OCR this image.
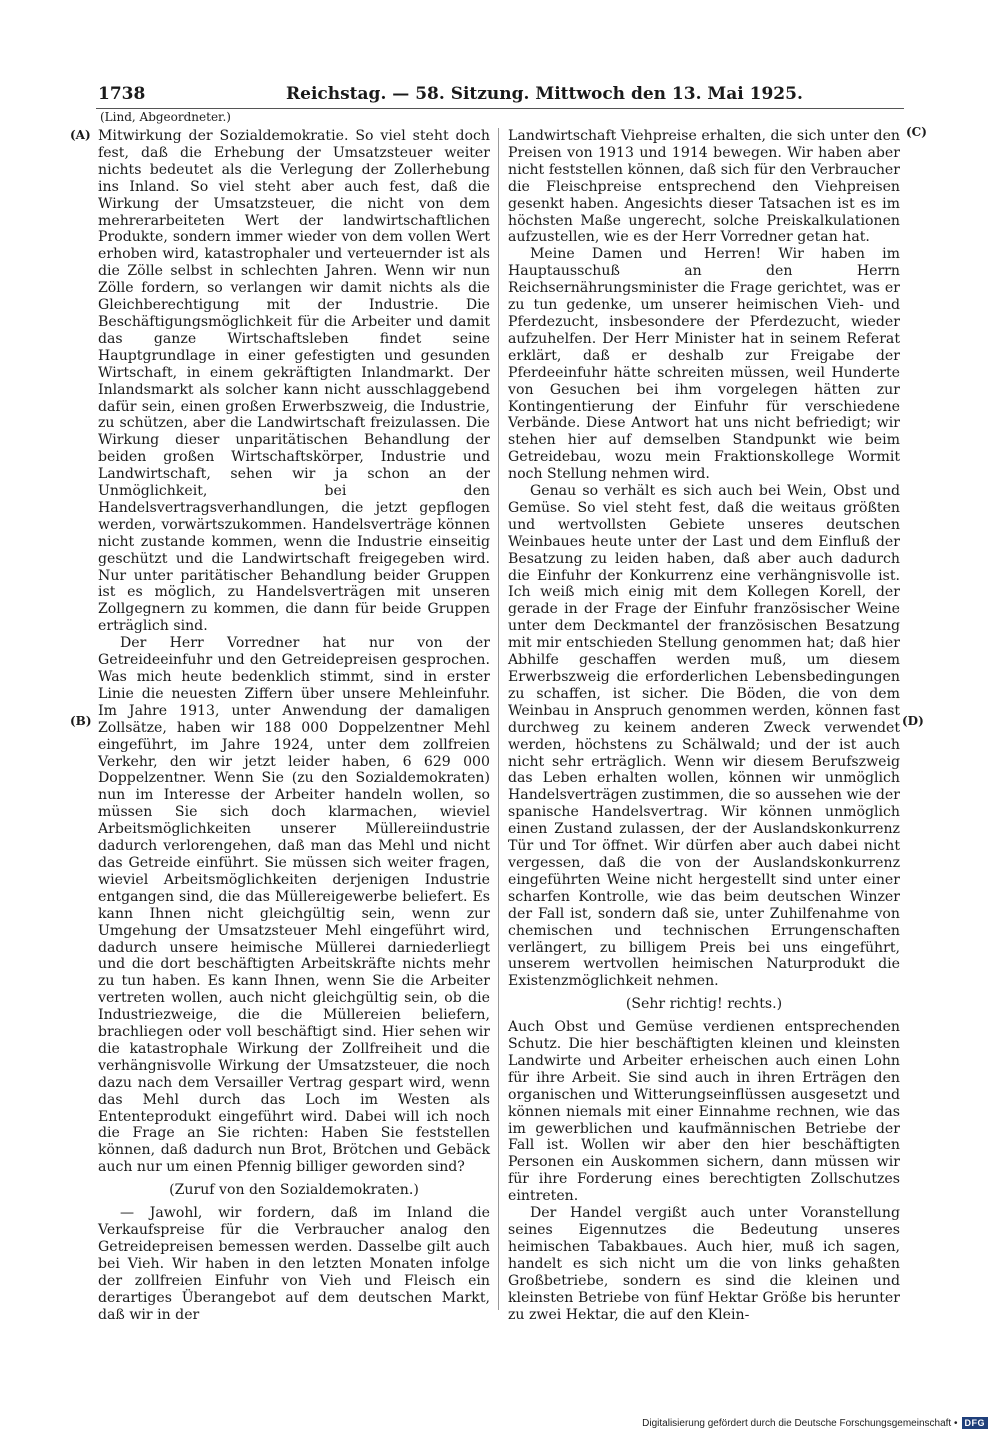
1738	Reichstag. — 58. Sitzung. Mittwoch den 13. Mai 1925.
(Lind, Abgeordneter.)
(A)
(B)
(C)
(D)

Mitwirkung der Sozialdemokratie. So viel steht doch fest, daß die Erhebung der Umsatzsteuer weiter nichts bedeutet als die Verlegung der Zollerhebung ins Inland. So viel steht aber auch fest, daß die Wirkung der Umsatzsteuer, die nicht von dem mehrerarbeiteten Wert der landwirtschaftlichen Produkte, sondern immer wieder von dem vollen Wert erhoben wird, katastrophaler und verteuernder ist als die Zölle selbst in schlechten Jahren. Wenn wir nun Zölle fordern, so verlangen wir damit nichts als die Gleichberechtigung mit der Industrie. Die Beschäftigungsmöglichkeit für die Arbeiter und damit das ganze Wirtschaftsleben findet seine Hauptgrundlage in einer gefestigten und gesunden Wirtschaft, in einem gekräftigten Inlandmarkt. Der Inlandsmarkt als solcher kann nicht ausschlaggebend dafür sein, einen großen Erwerbszweig, die Industrie, zu schützen, aber die Landwirtschaft freizulassen. Die Wirkung dieser unparitätischen Behandlung der beiden großen Wirtschaftskörper, Industrie und Landwirtschaft, sehen wir ja schon an der Unmöglichkeit, bei den Handelsvertragsverhandlungen, die jetzt gepflogen werden, vorwärtszukommen. Handelsverträge können nicht zustande kommen, wenn die Industrie einseitig geschützt und die Landwirtschaft freigegeben wird. Nur unter paritätischer Behandlung beider Gruppen ist es möglich, zu Handelsverträgen mit unseren Zollgegnern zu kommen, die dann für beide Gruppen erträglich sind.

Der Herr Vorredner hat nur von der Getreideeinfuhr und den Getreidepreisen gesprochen. Was mich heute bedenklich stimmt, sind in erster Linie die neuesten Ziffern über unsere Mehleinfuhr. Im Jahre 1913, unter Anwendung der damaligen Zollsätze, haben wir 188 000 Doppelzentner Mehl eingeführt, im Jahre 1924, unter dem zollfreien Verkehr, den wir jetzt leider haben, 6 629 000 Doppelzentner. Wenn Sie (zu den Sozialdemokraten) nun im Interesse der Arbeiter handeln wollen, so müssen Sie sich doch klarmachen, wieviel Arbeitsmöglichkeiten unserer Müllereiindustrie dadurch verlorengehen, daß man das Mehl und nicht das Getreide einführt. Sie müssen sich weiter fragen, wieviel Arbeitsmöglichkeiten derjenigen Industrie entgangen sind, die das Müllereigewerbe beliefert. Es kann Ihnen nicht gleichgültig sein, wenn zur Umgehung der Umsatzsteuer Mehl eingeführt wird, dadurch unsere heimische Müllerei darniederliegt und die dort beschäftigten Arbeitskräfte nichts mehr zu tun haben. Es kann Ihnen, wenn Sie die Arbeiter vertreten wollen, auch nicht gleichgültig sein, ob die Industriezweige, die die Müllereien beliefern, brachliegen oder voll beschäftigt sind. Hier sehen wir die katastrophale Wirkung der Zollfreiheit und die verhängnisvolle Wirkung der Umsatzsteuer, die noch dazu nach dem Versailler Vertrag gespart wird, wenn das Mehl durch das Loch im Westen als Ententeprodukt eingeführt wird. Dabei will ich noch die Frage an Sie richten: Haben Sie feststellen können, daß dadurch nun Brot, Brötchen und Gebäck auch nur um einen Pfennig billiger geworden sind?

(Zuruf von den Sozialdemokraten.)

— Jawohl, wir fordern, daß im Inland die Verkaufspreise für die Verbraucher analog den Getreidepreisen bemessen werden. Dasselbe gilt auch bei Vieh. Wir haben in den letzten Monaten infolge der zollfreien Einfuhr von Vieh und Fleisch ein derartiges Überangebot auf dem deutschen Markt, daß wir in der

Landwirtschaft Viehpreise erhalten, die sich unter den Preisen von 1913 und 1914 bewegen. Wir haben aber nicht feststellen können, daß sich für den Verbraucher die Fleischpreise entsprechend den Viehpreisen gesenkt haben. Angesichts dieser Tatsachen ist es im höchsten Maße ungerecht, solche Preiskalkulationen aufzustellen, wie es der Herr Vorredner getan hat.

Meine Damen und Herren! Wir haben im Hauptausschuß an den Herrn Reichsernährungsminister die Frage gerichtet, was er zu tun gedenke, um unserer heimischen Vieh- und Pferdezucht, insbesondere der Pferdezucht, wieder aufzuhelfen. Der Herr Minister hat in seinem Referat erklärt, daß er deshalb zur Freigabe der Pferdeeinfuhr hätte schreiten müssen, weil Hunderte von Gesuchen bei ihm vorgelegen hätten zur Kontingentierung der Einfuhr für verschiedene Verbände. Diese Antwort hat uns nicht befriedigt; wir stehen hier auf demselben Standpunkt wie beim Getreidebau, wozu mein Fraktionskollege Wormit noch Stellung nehmen wird.

Genau so verhält es sich auch bei Wein, Obst und Gemüse. So viel steht fest, daß die weitaus größten und wertvollsten Gebiete unseres deutschen Weinbaues heute unter der Last und dem Einfluß der Besatzung zu leiden haben, daß aber auch dadurch die Einfuhr der Konkurrenz eine verhängnisvolle ist. Ich weiß mich einig mit dem Kollegen Korell, der gerade in der Frage der Einfuhr französischer Weine unter dem Deckmantel der französischen Besatzung mit mir entschieden Stellung genommen hat; daß hier Abhilfe geschaffen werden muß, um diesem Erwerbszweig die erforderlichen Lebensbedingungen zu schaffen, ist sicher. Die Böden, die von dem Weinbau in Anspruch genommen werden, können fast durchweg zu keinem anderen Zweck verwendet werden, höchstens zu Schälwald; und der ist auch nicht sehr erträglich. Wenn wir diesem Berufszweig das Leben erhalten wollen, können wir unmöglich Handelsverträgen zustimmen, die so aussehen wie der spanische Handelsvertrag. Wir können unmöglich einen Zustand zulassen, der der Auslandskonkurrenz Tür und Tor öffnet. Wir dürfen aber auch dabei nicht vergessen, daß die von der Auslandskonkurrenz eingeführten Weine nicht hergestellt sind unter einer scharfen Kontrolle, wie das beim deutschen Winzer der Fall ist, sondern daß sie, unter Zuhilfenahme von chemischen und technischen Errungenschaften verlängert, zu billigem Preis bei uns eingeführt, unserem wertvollen heimischen Naturprodukt die Existenzmöglichkeit nehmen.

(Sehr richtig! rechts.)

Auch Obst und Gemüse verdienen entsprechenden Schutz. Die hier beschäftigten kleinen und kleinsten Landwirte und Arbeiter erheischen auch einen Lohn für ihre Arbeit. Sie sind auch in ihren Erträgen den organischen und Witterungseinflüssen ausgesetzt und können niemals mit einer Einnahme rechnen, wie das im gewerblichen und kaufmännischen Betriebe der Fall ist. Wollen wir aber den hier beschäftigten Personen ein Auskommen sichern, dann müssen wir für ihre Forderung eines berechtigten Zollschutzes eintreten.

Der Handel vergißt auch unter Voranstellung seines Eigennutzes die Bedeutung unseres heimischen Tabakbaues. Auch hier, muß ich sagen, handelt es sich nicht um die von links gehaßten Großbetriebe, sondern es sind die kleinen und kleinsten Betriebe von fünf Hektar Größe bis herunter zu zwei Hektar, die auf den Klein-

Digitalisierung gefördert durch die Deutsche Forschungsgemeinschaft • DFG
